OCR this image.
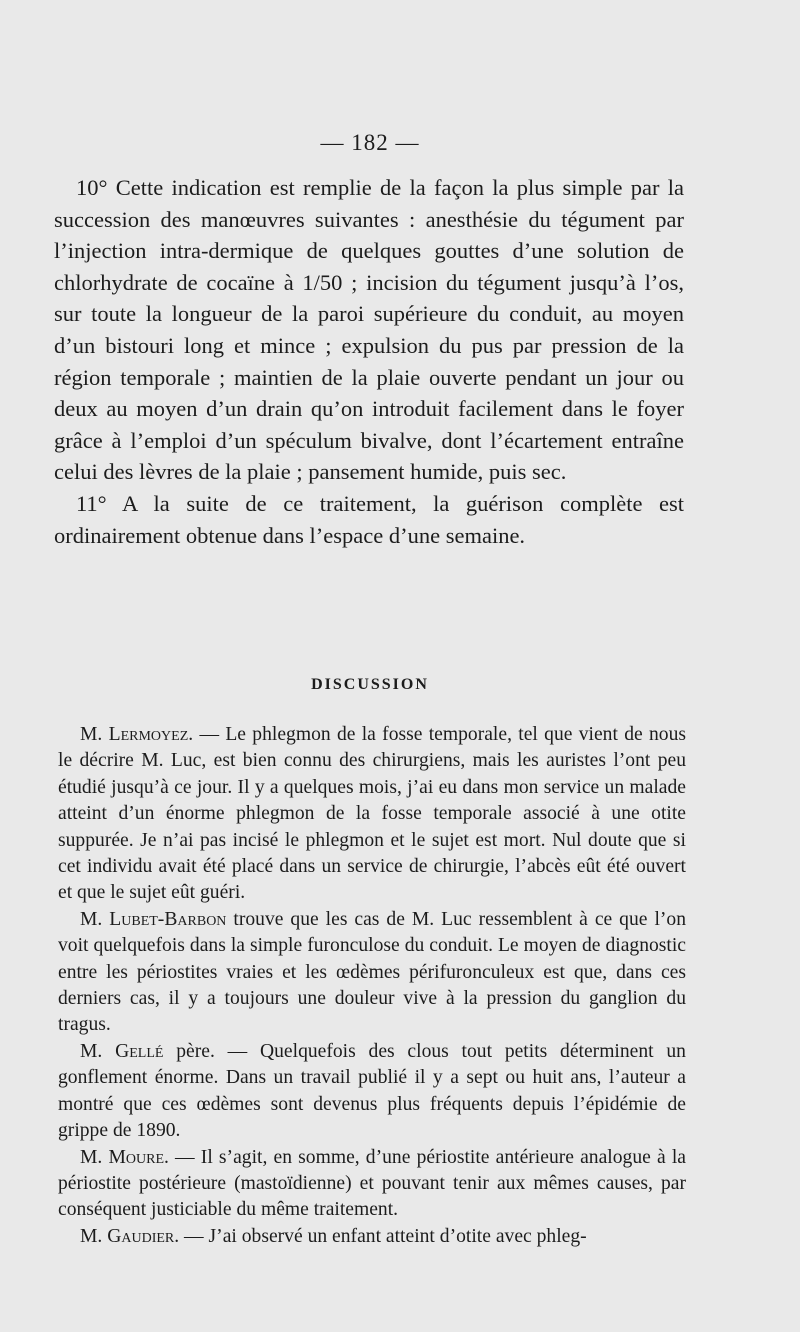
— 182 —

10° Cette indication est remplie de la façon la plus simple par la succession des manœuvres suivantes : anesthésie du tégument par l’injection intra-dermique de quelques gouttes d’une solution de chlorhydrate de cocaïne à 1/50 ; incision du tégument jusqu’à l’os, sur toute la longueur de la paroi supérieure du conduit, au moyen d’un bistouri long et mince ; expulsion du pus par pression de la région temporale ; maintien de la plaie ouverte pendant un jour ou deux au moyen d’un drain qu’on introduit facilement dans le foyer grâce à l’emploi d’un spéculum bivalve, dont l’écartement entraîne celui des lèvres de la plaie ; pansement humide, puis sec.

11° A la suite de ce traitement, la guérison complète est ordinairement obtenue dans l’espace d’une semaine.

DISCUSSION

M. Lermoyez. — Le phlegmon de la fosse temporale, tel que vient de nous le décrire M. Luc, est bien connu des chirurgiens, mais les auristes l’ont peu étudié jusqu’à ce jour. Il y a quelques mois, j’ai eu dans mon service un malade atteint d’un énorme phlegmon de la fosse temporale associé à une otite suppurée. Je n’ai pas incisé le phlegmon et le sujet est mort. Nul doute que si cet individu avait été placé dans un service de chirurgie, l’abcès eût été ouvert et que le sujet eût guéri.

M. Lubet-Barbon trouve que les cas de M. Luc ressemblent à ce que l’on voit quelquefois dans la simple furonculose du conduit. Le moyen de diagnostic entre les périostites vraies et les œdèmes périfuronculeux est que, dans ces derniers cas, il y a toujours une douleur vive à la pression du ganglion du tragus.

M. Gellé père. — Quelquefois des clous tout petits déterminent un gonflement énorme. Dans un travail publié il y a sept ou huit ans, l’auteur a montré que ces œdèmes sont devenus plus fréquents depuis l’épidémie de grippe de 1890.

M. Moure. — Il s’agit, en somme, d’une périostite antérieure analogue à la périostite postérieure (mastoïdienne) et pouvant tenir aux mêmes causes, par conséquent justiciable du même traitement.

M. Gaudier. — J’ai observé un enfant atteint d’otite avec phleg-
